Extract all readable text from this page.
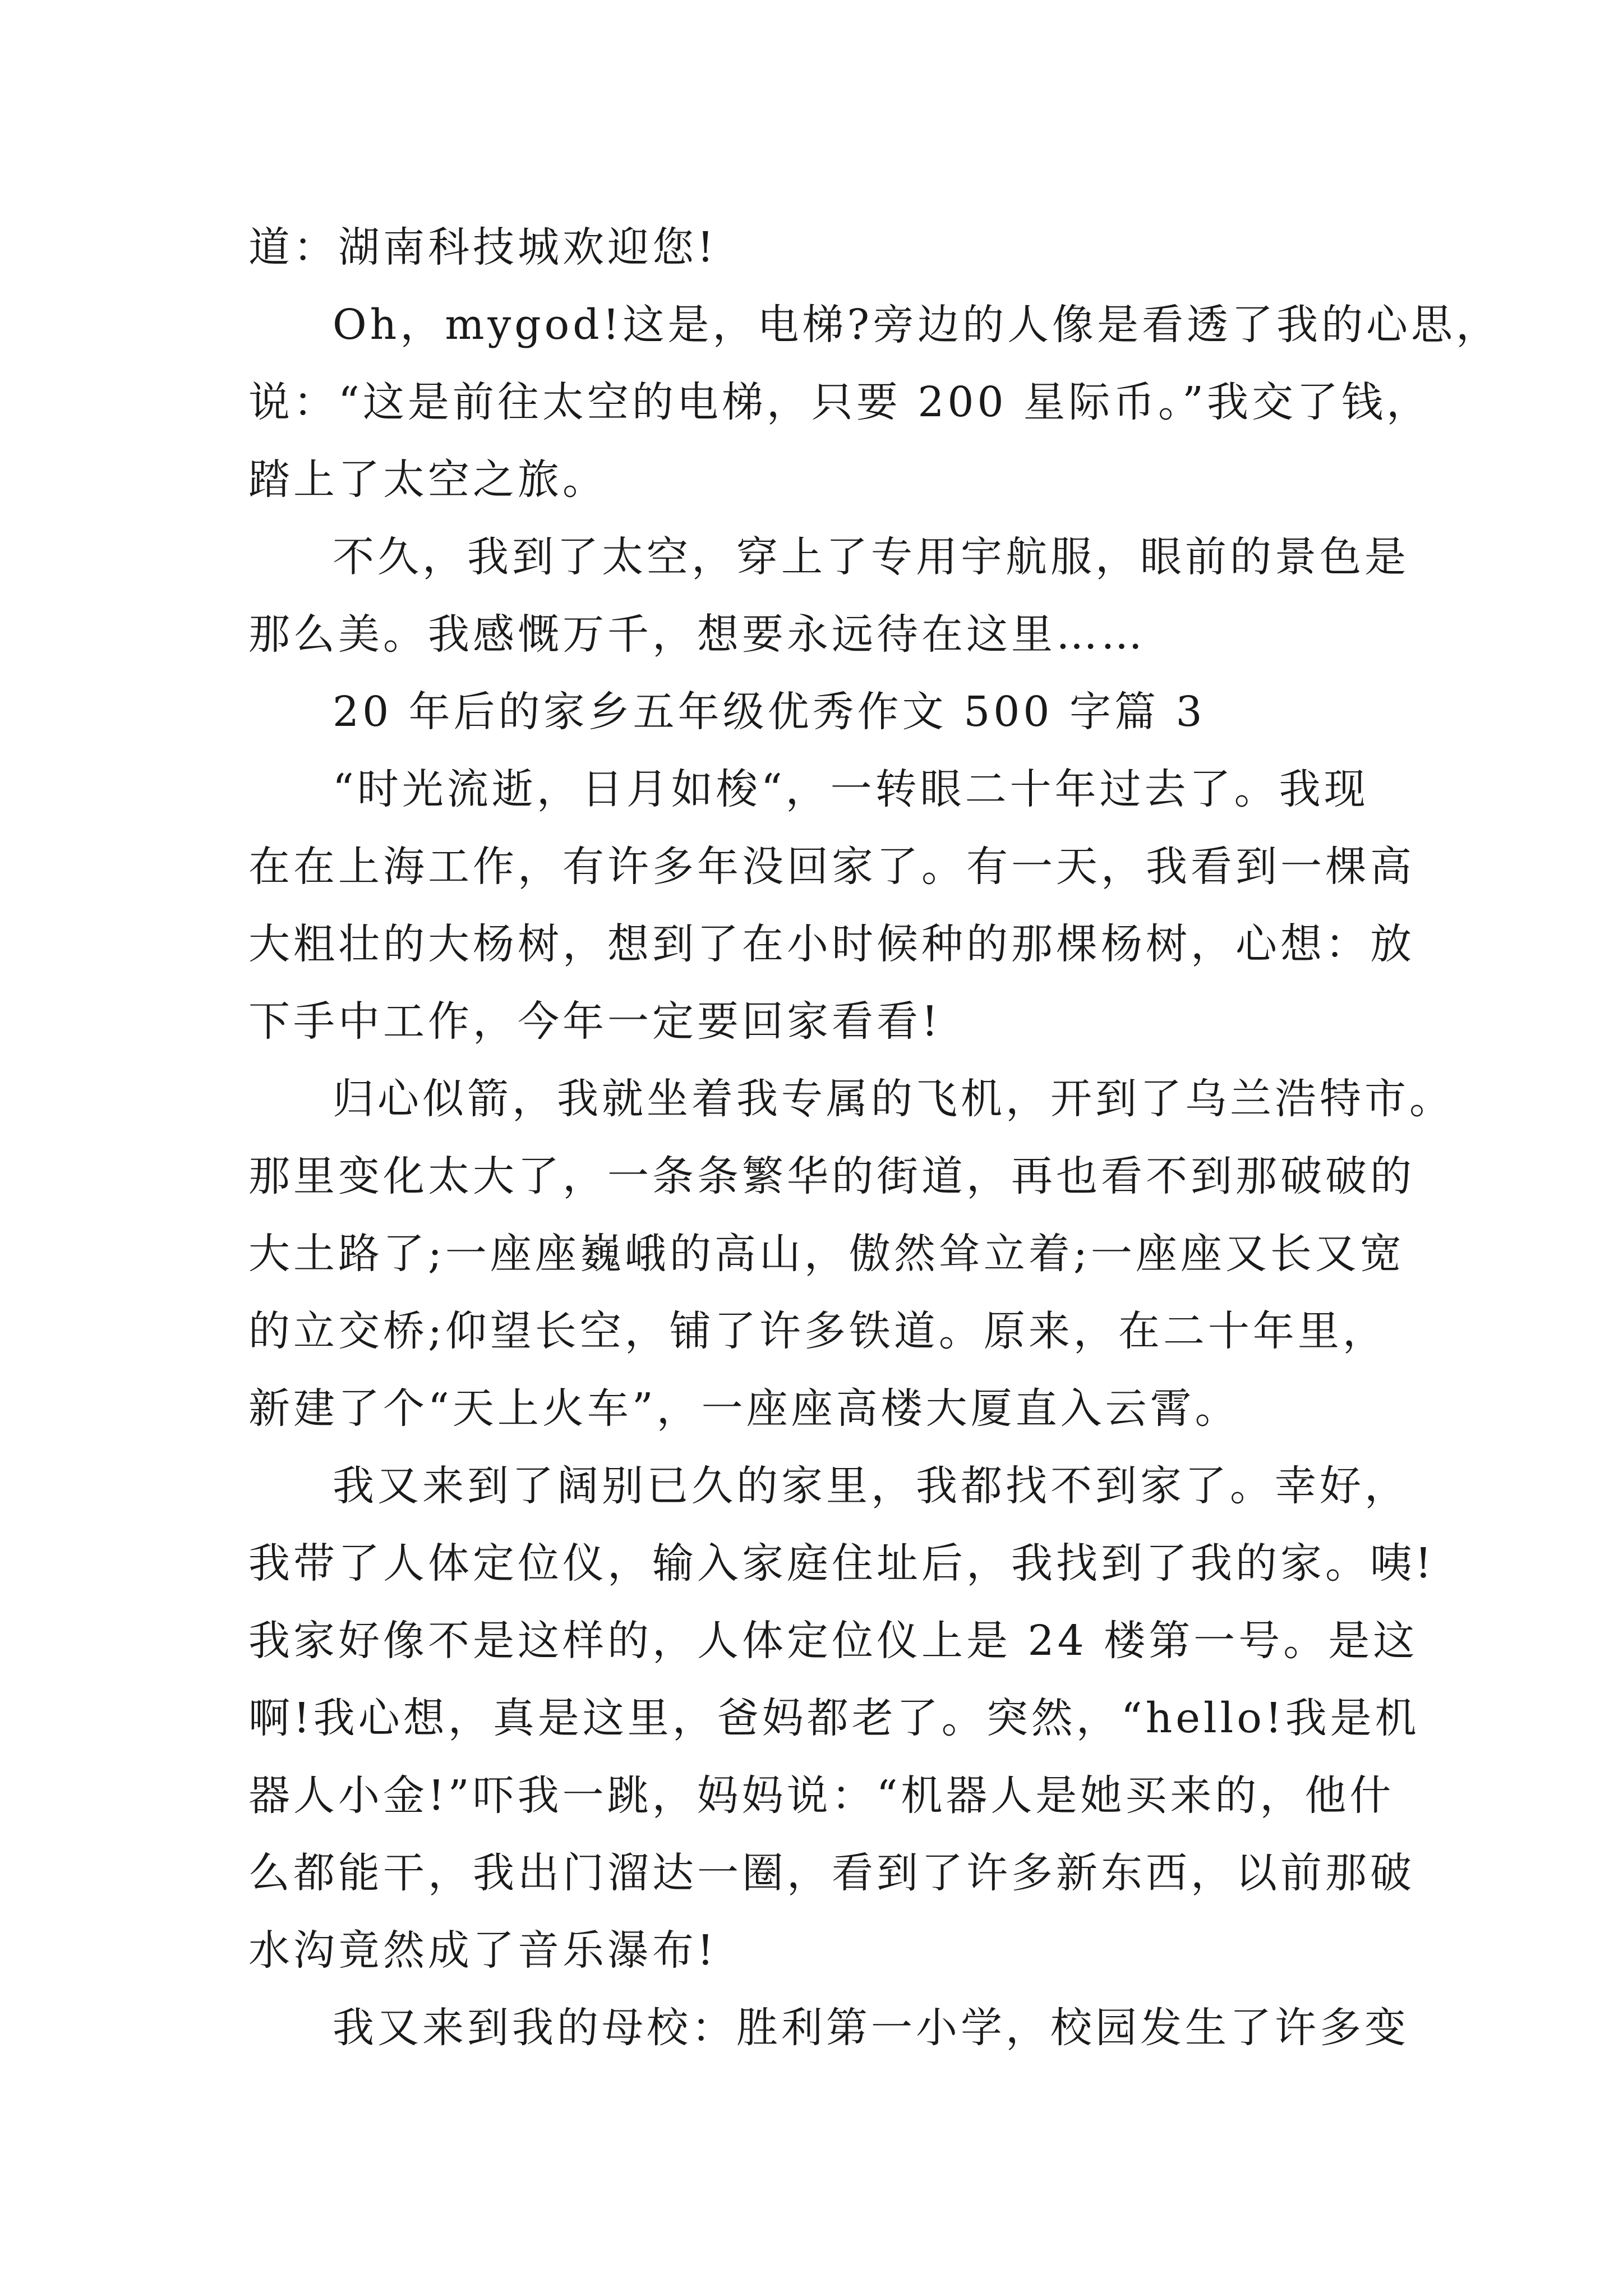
道：湖南科技城欢迎您!
Oh，mygod!这是，电梯?旁边的人像是看透了我的心思，
说：“这是前往太空的电梯，只要 200 星际币。”我交了钱，
踏上了太空之旅。
不久，我到了太空，穿上了专用宇航服，眼前的景色是
那么美。我感慨万千，想要永远待在这里……
20 年后的家乡五年级优秀作文 500 字篇 3
“时光流逝，日月如梭“，一转眼二十年过去了。我现
在在上海工作，有许多年没回家了。有一天，我看到一棵高
大粗壮的大杨树，想到了在小时候种的那棵杨树，心想：放
下手中工作，今年一定要回家看看!
归心似箭，我就坐着我专属的飞机，开到了乌兰浩特市。
那里变化太大了，一条条繁华的街道，再也看不到那破破的
大土路了;一座座巍峨的高山，傲然耸立着;一座座又长又宽
的立交桥;仰望长空，铺了许多铁道。原来，在二十年里，
新建了个“天上火车”，一座座高楼大厦直入云霄。
我又来到了阔别已久的家里，我都找不到家了。幸好，
我带了人体定位仪，输入家庭住址后，我找到了我的家。咦!
我家好像不是这样的，人体定位仪上是 24 楼第一号。是这
啊!我心想，真是这里，爸妈都老了。突然，“hello!我是机
器人小金!”吓我一跳，妈妈说：“机器人是她买来的，他什
么都能干，我出门溜达一圈，看到了许多新东西，以前那破
水沟竟然成了音乐瀑布!
我又来到我的母校：胜利第一小学，校园发生了许多变
